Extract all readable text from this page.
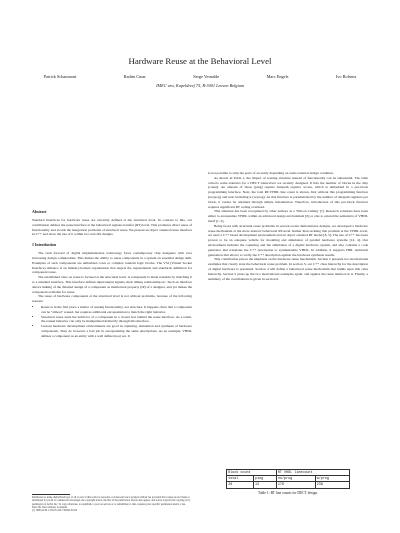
Hardware Reuse at the Behavioral Level
Patrick Schaumont	Radim Cmar	Serge Vernalde	Marc Engels	Ivo Bolsens
IMEC vzw, Kapeldreef 75, B-3001 Leuven Belgium
Abstract

Standard interfaces for hardware reuse are currently defined at the structural level. In contrast to this, our contribution defines the reuse interface at the behavioral register-transfer (RT) level. This promotes direct reuse of functionality and avoids the integration problems of structural reuse. We present an object oriented reuse interface in C++ and show the use of it within two real-life designs.

1 Introduction

The rush forward of digital implementation technology faces contemporary chip designers with ever increasing design complexities. This makes the ability to reuse components in a system an essential design skill. Examples of such components are embedded cores or complex random logic blocks. The VSI (Virtual Socket Interface) Alliance is an industry-backed organization that targets the requirements and standards definition for component reuse.

The established view on reuse is focused at the structural level. A component is made reusable by matching it to a standard interface. This interface defines input/output signals, their timing relationship etc. Such an interface allows linking of the detailed design of a component as intellectual property (IP) of a designer, and yet makes the component available for reuse.

The reuse of hardware components at the structural level is not without problems, because of the following reasons:

• Reuse is in the first place a matter of reusing functionality, not structure. It happens often that a component can be "almost" reused, but requires additional encapsulation to match the right behavior.
• Structural reuse seals the behavior of a component in a closed box behind the reuse interface. As a result, the reused behavior can only be manipulated indirectly through this interface.
• Current hardware development environments are good in capturing, simulation and synthesis of hardware components. They do however a bad job in encapsulating the same descriptions. As an example, VHDL defines a component as an entity with a well defined port set. It

is not possible to strip the ports of an entity depending on some external design condition.

As shown in Table 1, the impact of reusing structure instead of functionality can be substantial. The table collects some statistics for a DECT transceiver we recently designed. It lists the number of blocks in the chip (count). An amount of those (ping) require datapath register access, which is embedded in a per-block programming interface. Next, the total RT-VHDL line count is shown, first without this programming function (no/prog) and next including it (w/prog). As this function is parametrized by the number of datapath registers per block, it cannot be obtained through simple instantiation. Therefore, introduction of this per-block function requires significant RT coding overhead.

This situation has been recognized by other authors as a 'Silicon Ceiling' [7]. Research solutions have been either to encapsulate VHDL within an advanced design environment [6] or else to extend the semantics of VHDL itself [1, 2].

Being faced with structural reuse problems in several recent demonstrator designs, we developed a hardware reuse mechanism at the more abstract behavioral RT-level. Rather than tackling this problem at the VHDL level, we used a C++ based development environment and an object oriented RT model [8, 5]. The use of C++ has been proven to be an adequate vehicle for modeling and simulation of parallel hardware systems [12, 4]. Our environment includes the capturing and the simulation of a digital hardware system, and also contains a code generator that translates the C++ description to synthesizable VHDL. In addition, it supports HDL testbench generation that allows to verify the C++ description against the hardware synthesis results.

This contribution places the emphasis on the hardware reuse mechanism. Section 2 presents two motivational examples that clearly state the behavioral reuse problem. In section 3, our C++ class hierarchy for the description of digital hardware is presented. Section 4 will define a behavioral reuse mechanism that builds upon this class hierarchy. Section 5 picks up the two motivational examples again, and applies the reuse method on it. Finally, a summary of the contributions is given in section 6.

Block count		RT VHDL linecount	
total	ping	no/prog	w/prog
26	13	176	238
Table 1: RT line counts for DECT design.
Permission to make digital/hardcopy of all or part of this work for personal or classroom use is granted without fee provided that copies are not made or distributed for profit or commercial advantage, the copyright notice, the title of the publication and its date appear, and notice is given that copying is by permission of ACM, Inc. To copy otherwise, to republish, to post on servers or to redistribute to lists, requires prior specific permission and/or a fee.
DAC 99, New Orleans, Louisiana
(c) 1999 ACM 1-58113-109-7/99/06..$5.00
